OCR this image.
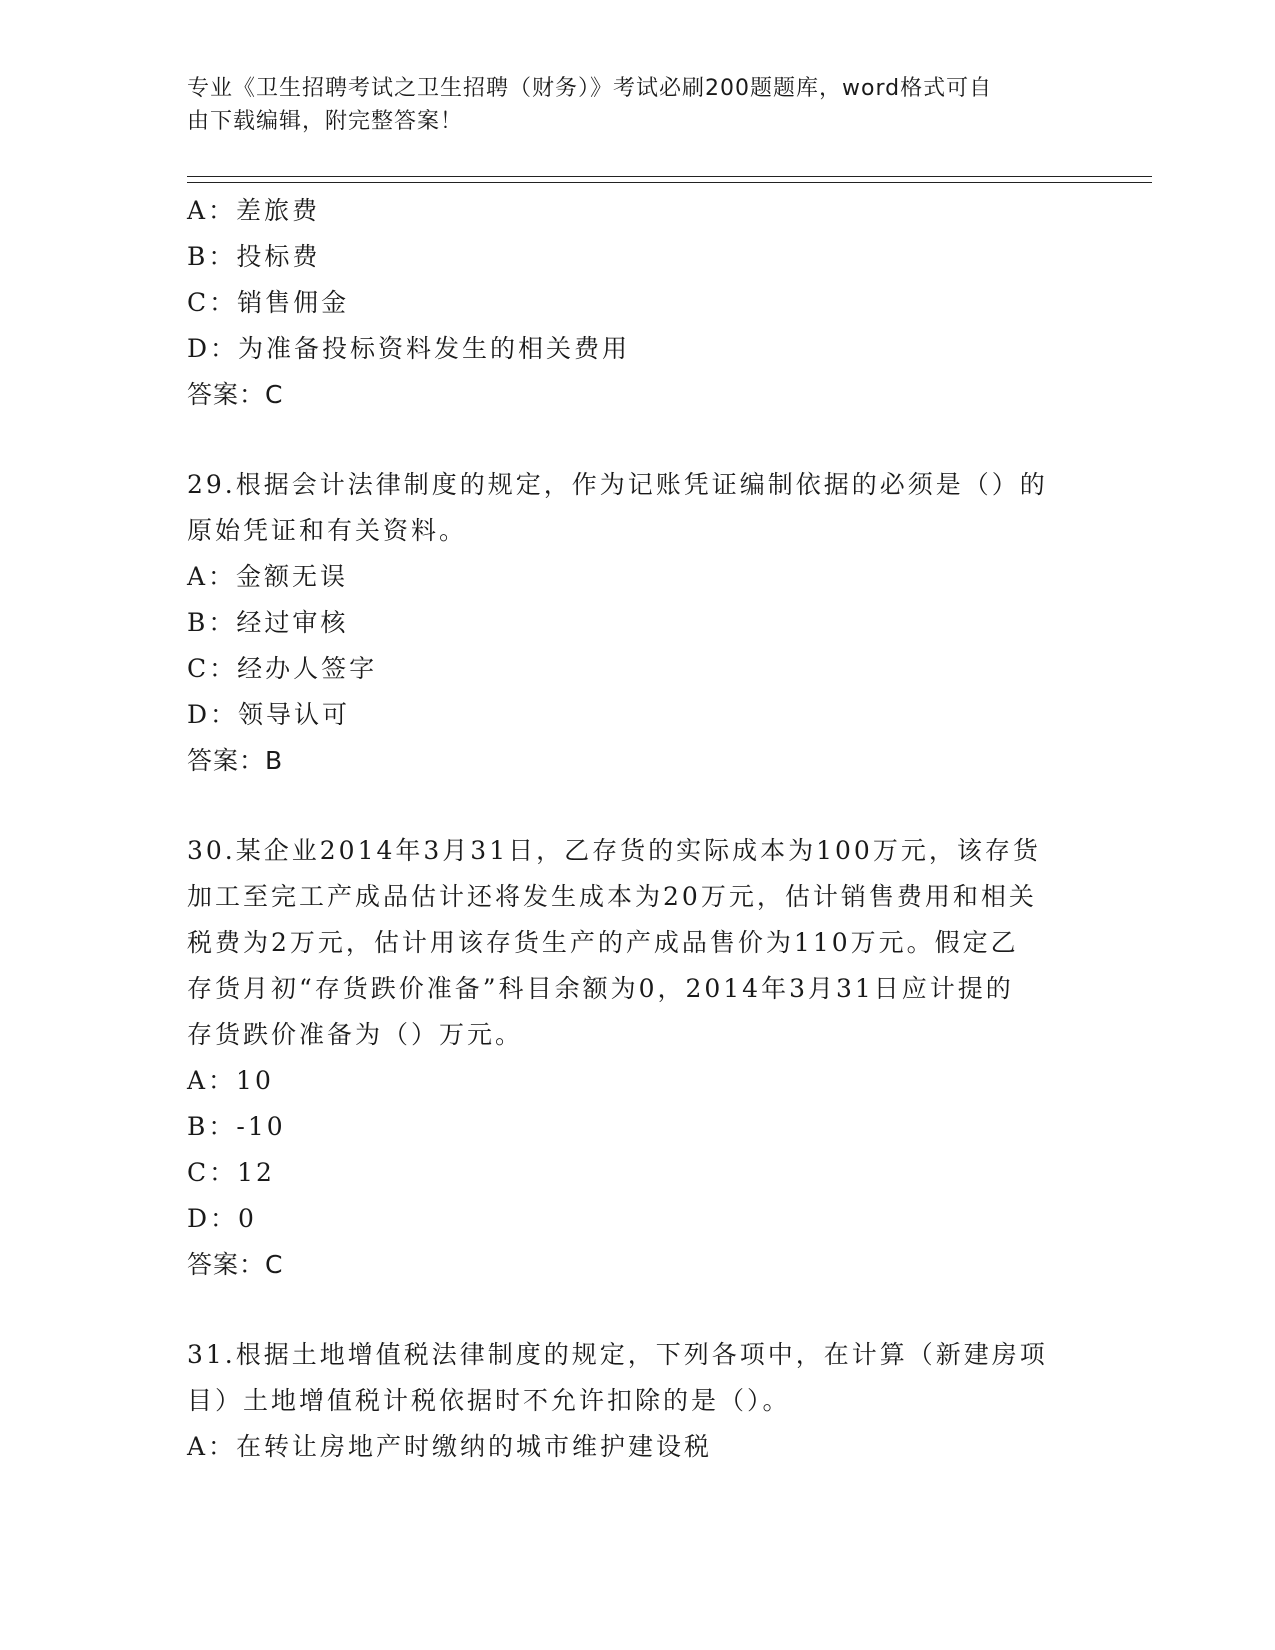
专业《卫生招聘考试之卫生招聘（财务）》考试必刷200题题库，word格式可自
由下载编辑，附完整答案！
A：差旅费
B：投标费
C：销售佣金
D：为准备投标资料发生的相关费用
答案：C
29.根据会计法律制度的规定，作为记账凭证编制依据的必须是（）的
原始凭证和有关资料。
A：金额无误
B：经过审核
C：经办人签字
D：领导认可
答案：B
30.某企业2014年3月31日，乙存货的实际成本为100万元，该存货
加工至完工产成品估计还将发生成本为20万元，估计销售费用和相关
税费为2万元，估计用该存货生产的产成品售价为110万元。假定乙
存货月初“存货跌价准备”科目余额为0，2014年3月31日应计提的
存货跌价准备为（）万元。
A：10
B：-10
C：12
D：0
答案：C
31.根据土地增值税法律制度的规定，下列各项中，在计算（新建房项
目）土地增值税计税依据时不允许扣除的是（）。
A：在转让房地产时缴纳的城市维护建设税
